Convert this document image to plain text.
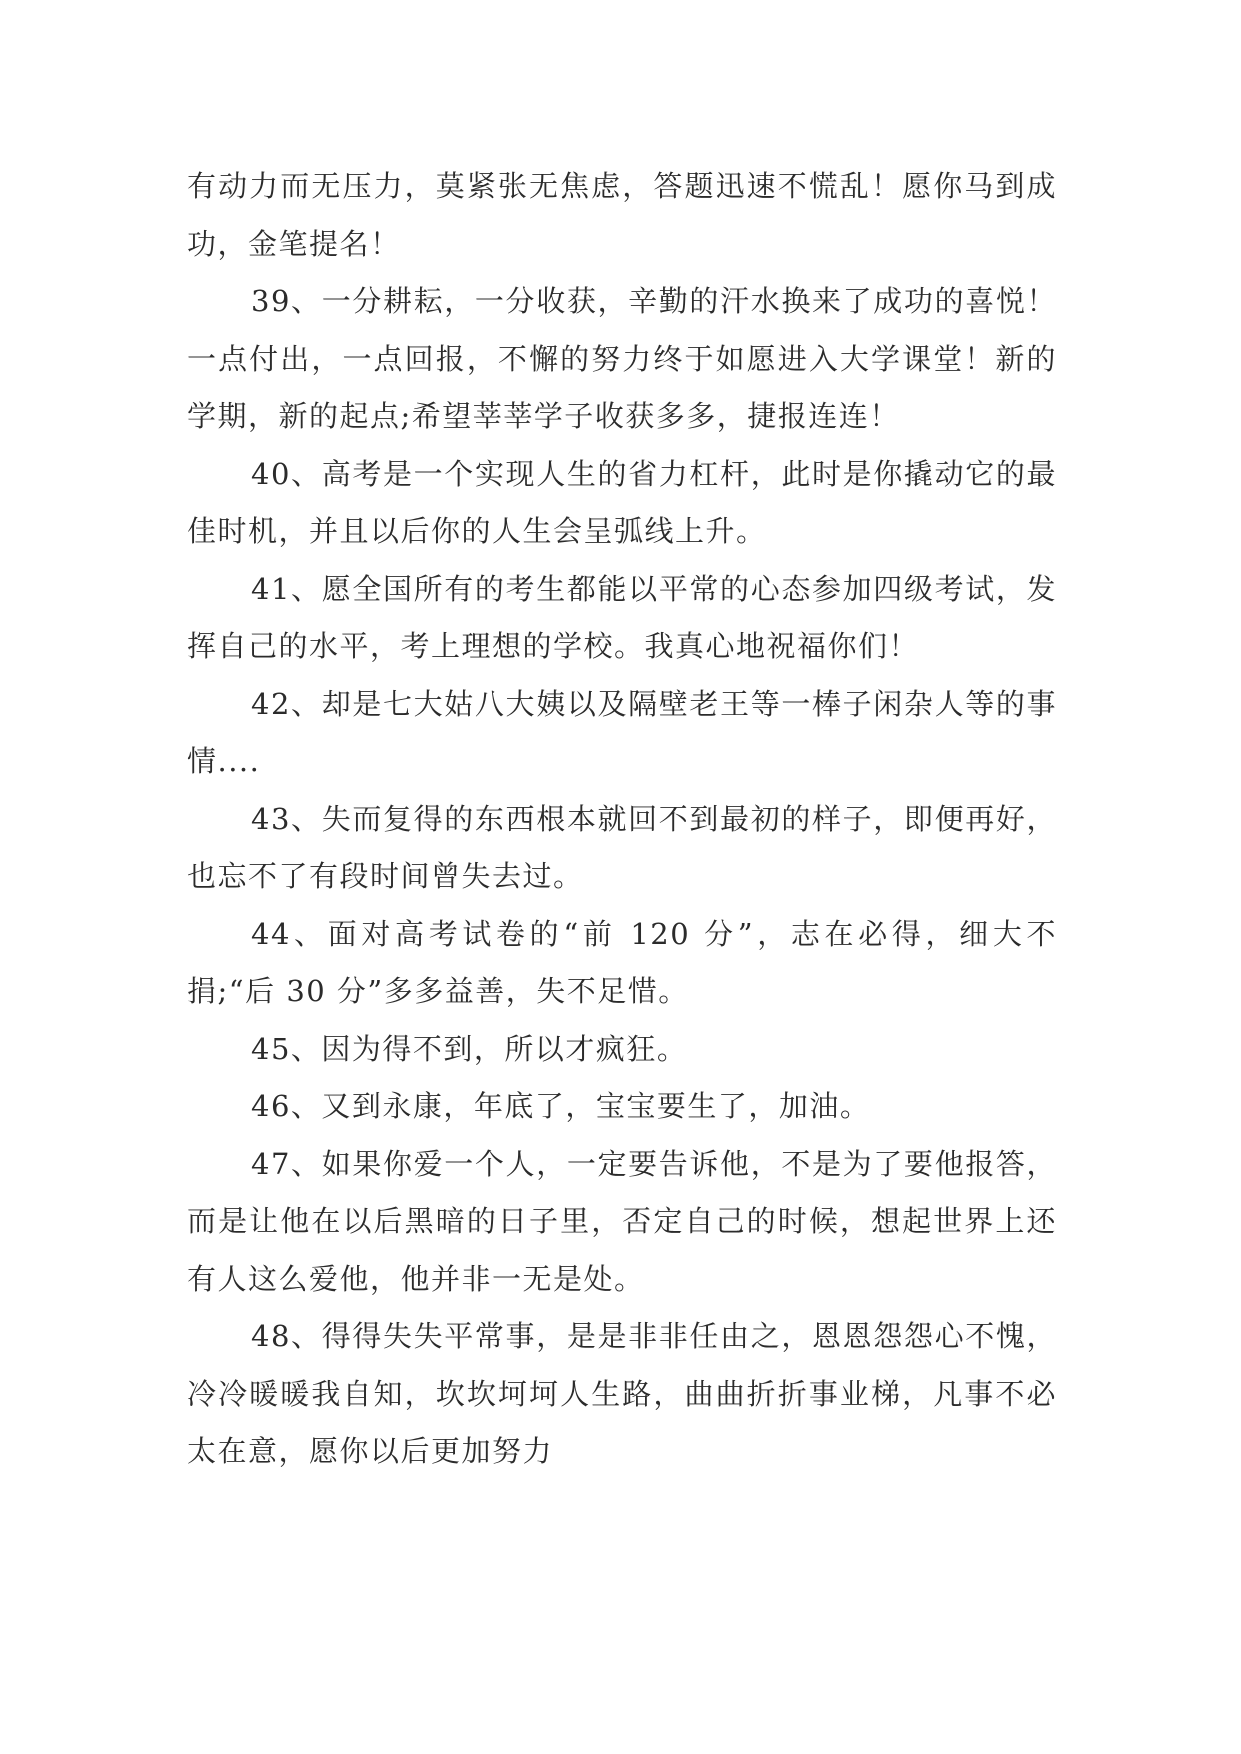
有动力而无压力，莫紧张无焦虑，答题迅速不慌乱！愿你马到成功，金笔提名！

39、一分耕耘，一分收获，辛勤的汗水换来了成功的喜悦！一点付出，一点回报，不懈的努力终于如愿进入大学课堂！新的学期，新的起点;希望莘莘学子收获多多，捷报连连！

40、高考是一个实现人生的省力杠杆，此时是你撬动它的最佳时机，并且以后你的人生会呈弧线上升。

41、愿全国所有的考生都能以平常的心态参加四级考试，发挥自己的水平，考上理想的学校。我真心地祝福你们！

42、却是七大姑八大姨以及隔壁老王等一棒子闲杂人等的事情....

43、失而复得的东西根本就回不到最初的样子，即便再好，也忘不了有段时间曾失去过。

44、面对高考试卷的“前 120 分”，志在必得，细大不捐;“后 30 分”多多益善，失不足惜。

45、因为得不到，所以才疯狂。

46、又到永康，年底了，宝宝要生了，加油。

47、如果你爱一个人，一定要告诉他，不是为了要他报答，而是让他在以后黑暗的日子里，否定自己的时候，想起世界上还有人这么爱他，他并非一无是处。

48、得得失失平常事，是是非非任由之，恩恩怨怨心不愧，冷冷暖暖我自知，坎坎坷坷人生路，曲曲折折事业梯，凡事不必太在意，愿你以后更加努力
